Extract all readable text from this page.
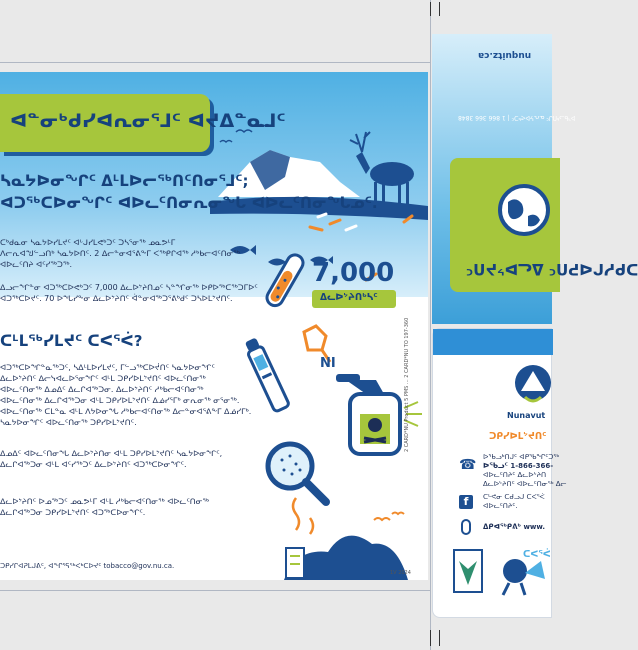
ᐊᓐᓂᒃᑯᓯᐊᕆᓂᕐᒧᑦ ᐊᔪᐃᓐᓇᒧᑦ
ᓴᓇᔭᐅᓂᖏᑦ ᐃᒻᒪᐅᓕᖅᑎᑦᑎᓂᕐᒧᑦ;
ᐊᑐᖅᑕᐅᓂᖏᑦ ᐊᐅᓚᑦᑎᓂᕆᓂᖓ ᐊᐅᓚᑦᑎᓂᖓᓄᑦ.
ᑕᒃᑯᓇᓂ ᓴᓇᔭᐅᓯᒪᔪᑦ ᐊᒡᒍᓯᒪᕙᒃᑐᑦ ᑐᓴᕐᓂᖅ ᓄᓇᕗᒻᒥ
ᐱᓕᕆᐊᖑᓪᓗᑎᒃ ᓴᓇᔭᐅᑎᑦ. 2 ᐃᓕᓐᓂᐊᕐᕕᖕᒥ ᐸᖅᑭᒋᐊᖅ ᓱᒃᑲᓕᐊᑦᑎᓂᖅ
ᐊᐅᓚᑦᑎᔨ ᐊᑦᓯᖅᑐᖅ.
ᐃᓗᓕᖏᓐᓂ ᐊᑐᖅᑕᐅᕙᒃᑐᑦ 7,000 ᐃᓚᐅᔾᔨᑎᓄᑦ ᓴᓐᖏᓂᖅ ᐅᑭᐅᖅᑕᖅᑐᒥᐅᑦ
ᐊᑐᖅᑕᐅᔪᑦ. 70 ᐅᖓᓯᖕᓂ ᐃᓚᐅᔾᔨᑎᑦ ᐋᓐᓂᐊᖅᑐᕐᕕᒃᑯᑦ ᑐᓴᐅᒪᔾᔪᑎᑦ.
7,000
ᐃᓚᐅᔾᔨᑎᒃᓴᑦ
ᑕᒻᒪᖅᓯᒪᔪᑦ ᑕᐸᕐᐹ?
ᐊᑐᖅᑕᐅᖏᓐᓇᖅᑐᑦ, ᓴᐃᒻᒪᐅᓯᒪᔪᑦ, ᒥᓪᓗᖅᑕᐅᔫᑎᑦ ᓴᓇᔭᐅᓂᖏᑦ
ᐃᓚᐅᔾᔨᑎᑦ ᐃᓕᓭᐊᓚᐅᕐᓂᖏᑦ ᐊᒻᒪ ᑐᑭᓯᐅᒪᔾᔪᑎᑦ ᐊᐅᓚᑦᑎᓂᖅ
ᐊᐅᓚᑦᑎᓂᖅ ᐃᓄᐃᑦ ᐃᓚᒋᐊᖅᑐᓂ. ᐃᓚᐅᔾᔨᑎᑦ ᓱᒃᑲᓕᐊᑦᑎᓂᖅ
ᐊᐅᓚᑦᑎᓂᖅ ᐃᓚᒋᐊᖅᑐᓂ ᐊᒻᒪ ᑐᑭᓯᐅᒪᔾᔪᑎᑦ ᐃᓅᓯᕐᒥᒃ ᓂᕆᓂᖅ ᓂᕐᓂᖅ.
ᐊᐅᓚᑦᑎᓂᖅ ᑕᒪᓐᓇ ᐊᒻᒪ ᐱᔭᐅᓂᖓ ᓱᒃᑲᓕᐊᑦᑎᓂᖅ ᐃᓕᓐᓂᐊᕐᕕᖕᒥ ᐃᓅᓯᒥᒃ.
ᓴᓇᔭᐅᓂᖏᑦ ᐊᐅᓚᑦᑎᓂᖅ ᑐᑭᓯᐅᒪᔾᔪᑎᑦ.
ᐃᓄᐃᑦ ᐊᐅᓚᑦᑎᓂᖓ ᐃᓚᐅᔾᔨᑎᓂ ᐊᒻᒪ ᑐᑭᓯᐅᒪᔾᔪᑎᑦ ᓴᓇᔭᐅᓂᖏᑦ,
ᐃᓚᒋᐊᖅᑐᓂ ᐊᒻᒪ ᐊᑦᓯᖅᑐᑦ ᐃᓚᐅᔾᔨᑎᑦ ᐊᑐᖅᑕᐅᓂᖏᑦ.
ᐃᓚᐅᔾᔨᑎᑦ ᐅᓄᖅᑐᑦ ᓄᓇᕗᒻᒥ ᐊᒻᒪ ᓱᒃᑲᓕᐊᑦᑎᓂᖅ ᐊᐅᓚᑦᑎᓂᖅ
ᐃᓚᒋᐊᖅᑐᓂ ᑐᑭᓯᐅᒪᔾᔪᑎᑦ ᐊᑐᖅᑕᐅᓂᖏᑦ.
NI
ᑐᑭᓯᒋᐊᕈᒪᒍᕕᑦ, ᐊᖏᕐᕋᖅᐸᒃᑕᐅᔪᑦ tobacco@gov.nu.ca.
1V 2024
2 CARD*NU Product 5 PMS ... 2 CARD*NU TO 197-360
nuquitz.ca
ᐅᖃᓗᒃᑎᒍᑦ ᓇᕆᔭᐅᕙᒃᑐᑦ | 1 866 366 3848
ᑐᑭᓯᒋᐊᕈᑎᑦ ᐃᓚᐅᔾᔨᑎᑦ
Nunavut
ᑐᑭᓯᐅᒪᔾᔪᑎᑦ
☎ ᐅᖃᓗᒃᑎᒍᑦ ᐊᑭᖃᖏᑦᑐᖅ
ᐅᖃᓗᑦ 1-866-366-
ᐊᐅᓚᑦᑎᔨᑦ ᐃᓚᐅᔾᔨᑎ
ᐃᓚᐅᔾᔨᑎᑦ ᐊᐅᓚᑦᑎᓂᖅ ᐃᓕ
f	ᑕᒡᕙᓂ ᑕᑯᓗᒍ ᑕᐸᕐᐹ
ᐊᐅᓚᑦᑎᔨᑦ.
ᐃᑭᐊᖅᑭᕕᒃ www.
ᑕᐸᕐᐹ
